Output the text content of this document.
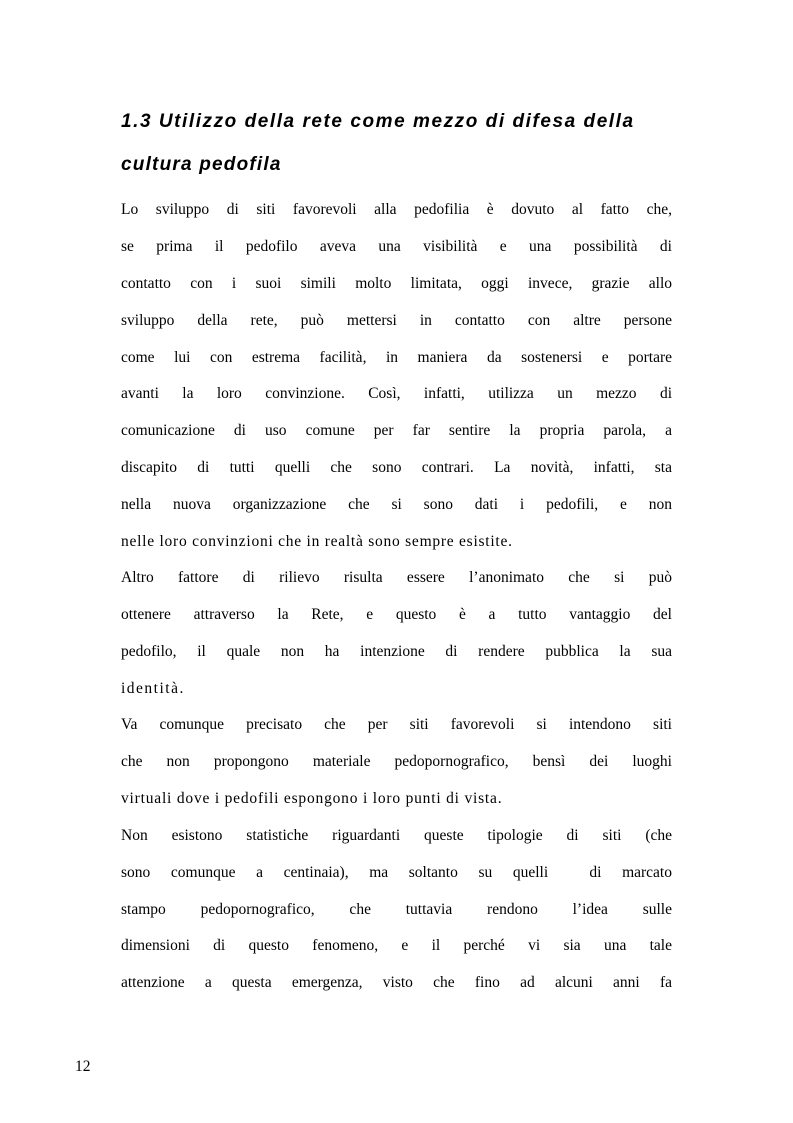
1.3 Utilizzo della rete come mezzo di difesa della
cultura pedofila
Lo sviluppo di siti favorevoli alla pedofilia è dovuto al fatto che,
se prima il pedofilo aveva una visibilità e una possibilità di
contatto con i suoi simili molto limitata, oggi invece, grazie allo
sviluppo della rete, può mettersi in contatto con altre persone
come lui con estrema facilità, in maniera da sostenersi e portare
avanti la loro convinzione. Così, infatti, utilizza un mezzo di
comunicazione di uso comune per far sentire la propria parola, a
discapito di tutti quelli che sono contrari. La novità, infatti, sta
nella nuova organizzazione che si sono dati i pedofili, e non
nelle loro convinzioni che in realtà sono sempre esistite.
Altro fattore di rilievo risulta essere l’anonimato che si può
ottenere attraverso la Rete, e questo è a tutto vantaggio del
pedofilo, il quale non ha intenzione di rendere pubblica la sua
identità.
Va comunque precisato che per siti favorevoli si intendono siti
che non propongono materiale pedopornografico, bensì dei luoghi
virtuali dove i pedofili espongono i loro punti di vista.
Non esistono statistiche riguardanti queste tipologie di siti (che
sono comunque a centinaia), ma soltanto su quelli  di marcato
stampo pedopornografico, che tuttavia rendono l’idea sulle
dimensioni di questo fenomeno, e il perché vi sia una tale
attenzione a questa emergenza, visto che fino ad alcuni anni fa
12
